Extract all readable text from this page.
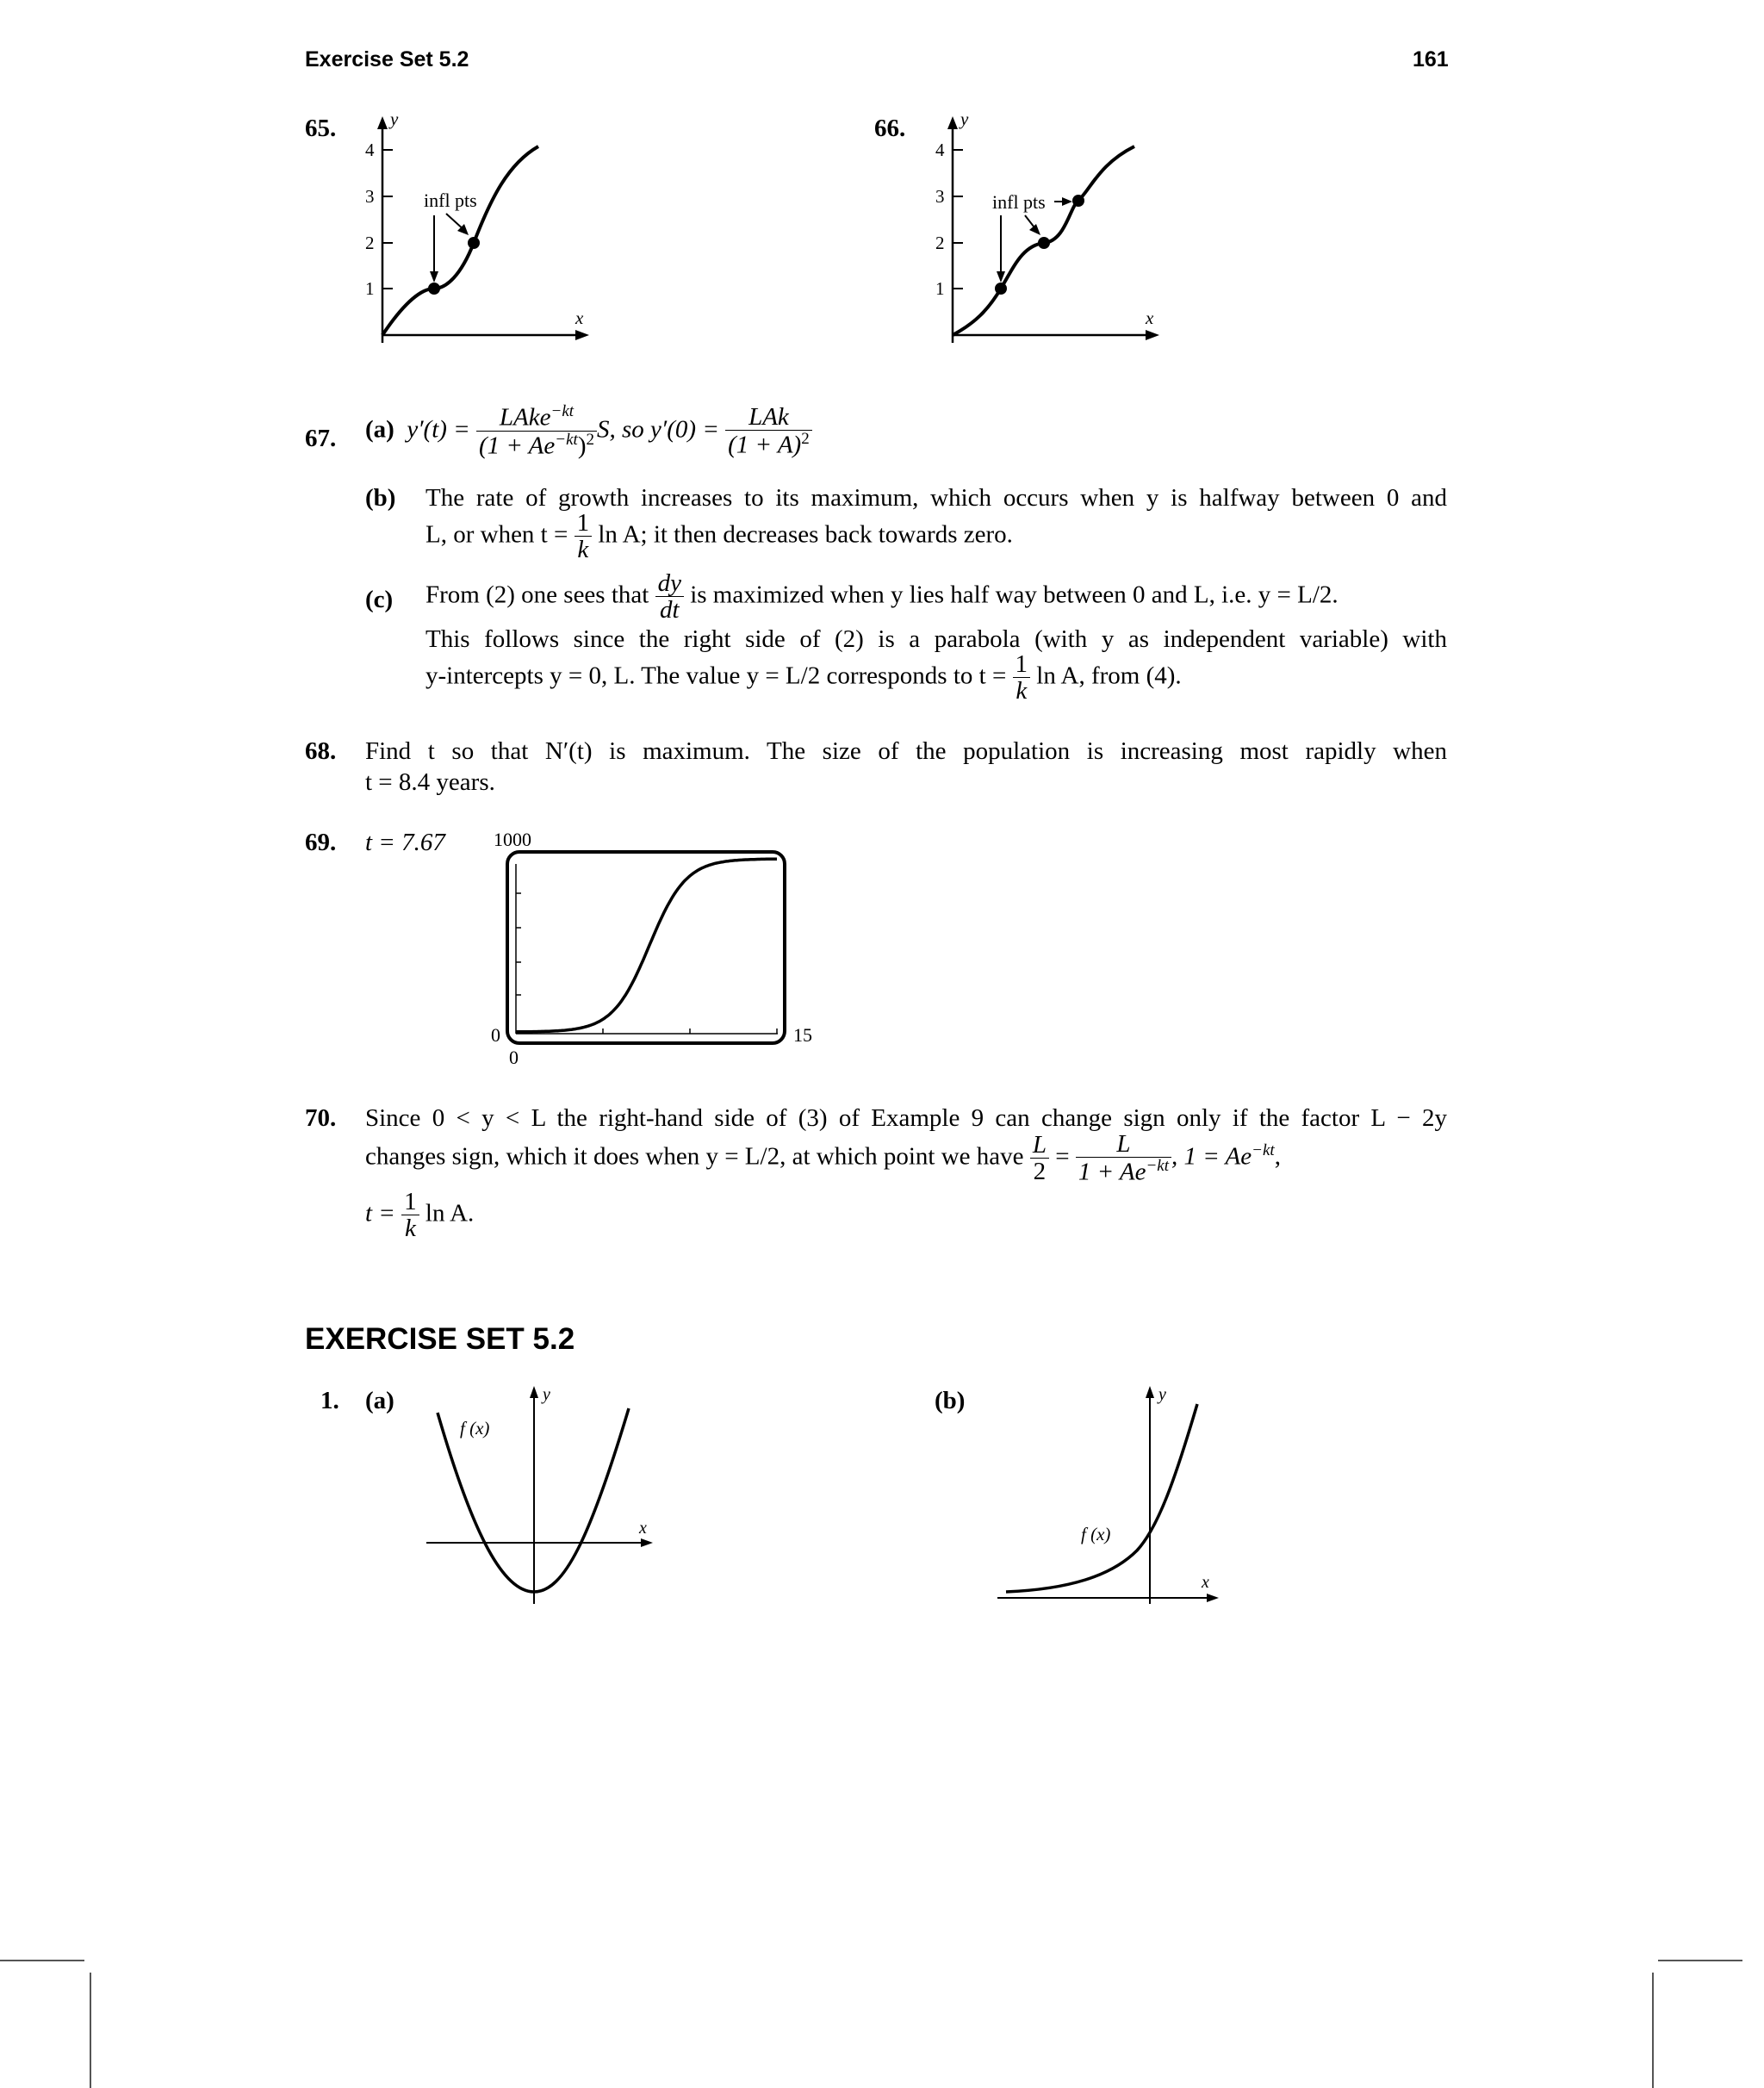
Exercise Set 5.2	161
65.
1
2
3
4
y
x
infl pts
66.
1
2
3
4
y
x
infl pts
67. (a) $y'(t) = \frac{LAke^{-kt}}{(1 + Ae^{-kt})^2} S$, so $y'(0) = \frac{\text{LAk}}{(1 + A)^2}$
(b) The rate of growth increases to its maximum, which occurs when y is halfway between 0 and
L, or when $t = \frac{1}{k}$ ln A; it then decreases back towards zero.
(c) From (2) one sees that $\frac{dy}{dt}$ is maximized when y lies half way between 0 and L, i.e. y = L/2.
This follows since the right side of (2) is a parabola (with y as independent variable) with
y-intercepts y = 0, L. The value y = L/2 corresponds to $t = \frac{1}{k}$ ln A, from (4).
68. Find t so that N′(t) is maximum. The size of the population is increasing most rapidly when
t = 8.4 years.
69. t = 7.67	1000
0
0
15
70. Since 0 < y < L the right-hand side of (3) of Example 9 can change sign only if the factor L − 2y
changes sign, which it does when y = L/2, at which point we have $\frac{L}{2} = \frac{L}{1 + Ae^{-kt}}$ , $1 = Ae^{-kt}$,
$t = \frac{1}{k}$ ln A.
EXERCISE SET 5.2
1. (a)	(b)
y
x
f (x)
y
x
f (x)
